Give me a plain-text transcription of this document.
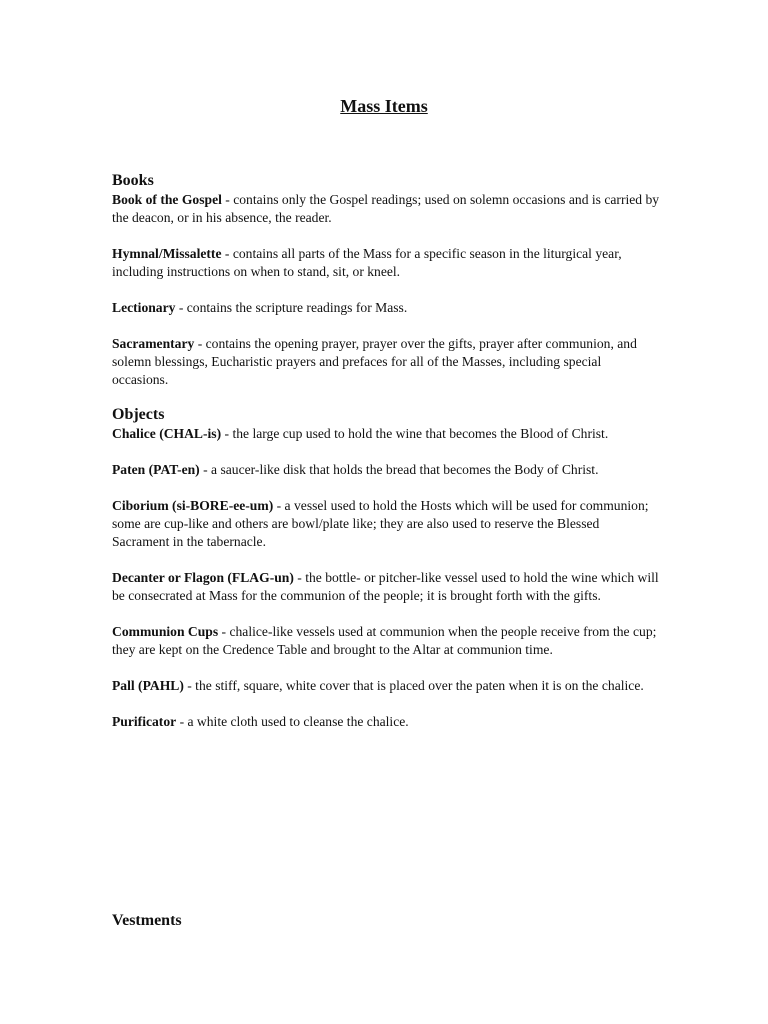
Mass Items
Books

Book of the Gospel - contains only the Gospel readings; used on solemn occasions and is carried by the deacon, or in his absence, the reader.

Hymnal/Missalette - contains all parts of the Mass for a specific season in the liturgical year, including instructions on when to stand, sit, or kneel.

Lectionary - contains the scripture readings for Mass.

Sacramentary - contains the opening prayer, prayer over the gifts, prayer after communion, and solemn blessings, Eucharistic prayers and prefaces for all of the Masses, including special occasions.

Objects

Chalice (CHAL-is) - the large cup used to hold the wine that becomes the Blood of Christ.

Paten (PAT-en) - a saucer-like disk that holds the bread that becomes the Body of Christ.

Ciborium (si-BORE-ee-um) - a vessel used to hold the Hosts which will be used for communion; some are cup-like and others are bowl/plate like; they are also used to reserve the Blessed Sacrament in the tabernacle.

Decanter or Flagon (FLAG-un) - the bottle- or pitcher-like vessel used to hold the wine which will be consecrated at Mass for the communion of the people; it is brought forth with the gifts.

Communion Cups - chalice-like vessels used at communion when the people receive from the cup; they are kept on the Credence Table and brought to the Altar at communion time.

Pall (PAHL) - the stiff, square, white cover that is placed over the paten when it is on the chalice.

Purificator - a white cloth used to cleanse the chalice.

Vestments
